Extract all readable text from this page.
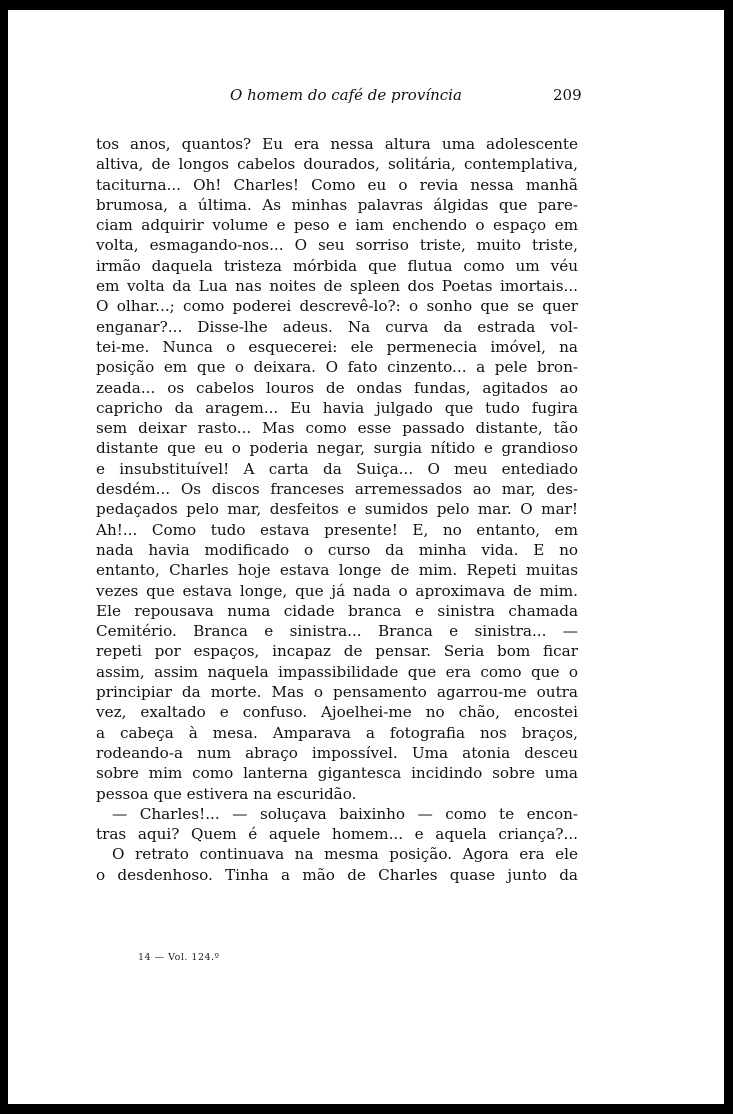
O homem do café de província	209
tos anos, quantos? Eu era nessa altura uma adolescente
altiva, de longos cabelos dourados, solitária, contemplativa,
taciturna... Oh! Charles! Como eu o revia nessa manhã
brumosa, a última. As minhas palavras álgidas que pare-
ciam adquirir volume e peso e iam enchendo o espaço em
volta, esmagando-nos... O seu sorriso triste, muito triste,
irmão daquela tristeza mórbida que flutua como um véu
em volta da Lua nas noites de spleen dos Poetas imortais...
O olhar...; como poderei descrevê-lo?: o sonho que se quer
enganar?... Disse-lhe adeus. Na curva da estrada vol-
tei-me. Nunca o esquecerei: ele permenecia imóvel, na
posição em que o deixara. O fato cinzento... a pele bron-
zeada... os cabelos louros de ondas fundas, agitados ao
capricho da aragem... Eu havia julgado que tudo fugira
sem deixar rasto... Mas como esse passado distante, tão
distante que eu o poderia negar, surgia nítido e grandioso
e insubstituível! A carta da Suiça... O meu entediado
desdém... Os discos franceses arremessados ao mar, des-
pedaçados pelo mar, desfeitos e sumidos pelo mar. O mar!
Ah!... Como tudo estava presente! E, no entanto, em
nada havia modificado o curso da minha vida. E no
entanto, Charles hoje estava longe de mim. Repeti muitas
vezes que estava longe, que já nada o aproximava de mim.
Ele repousava numa cidade branca e sinistra chamada
Cemitério. Branca e sinistra... Branca e sinistra... —
repeti por espaços, incapaz de pensar. Seria bom ficar
assim, assim naquela impassibilidade que era como que o
principiar da morte. Mas o pensamento agarrou-me outra
vez, exaltado e confuso. Ajoelhei-me no chão, encostei
a cabeça à mesa. Amparava a fotografia nos braços,
rodeando-a num abraço impossível. Uma atonia desceu
sobre mim como lanterna gigantesca incidindo sobre uma
pessoa que estivera na escuridão.
— Charles!... — soluçava baixinho — como te encon-
tras aqui? Quem é aquele homem... e aquela criança?...
O retrato continuava na mesma posição. Agora era ele
o desdenhoso. Tinha a mão de Charles quase junto da
14 — Vol. 124.º
